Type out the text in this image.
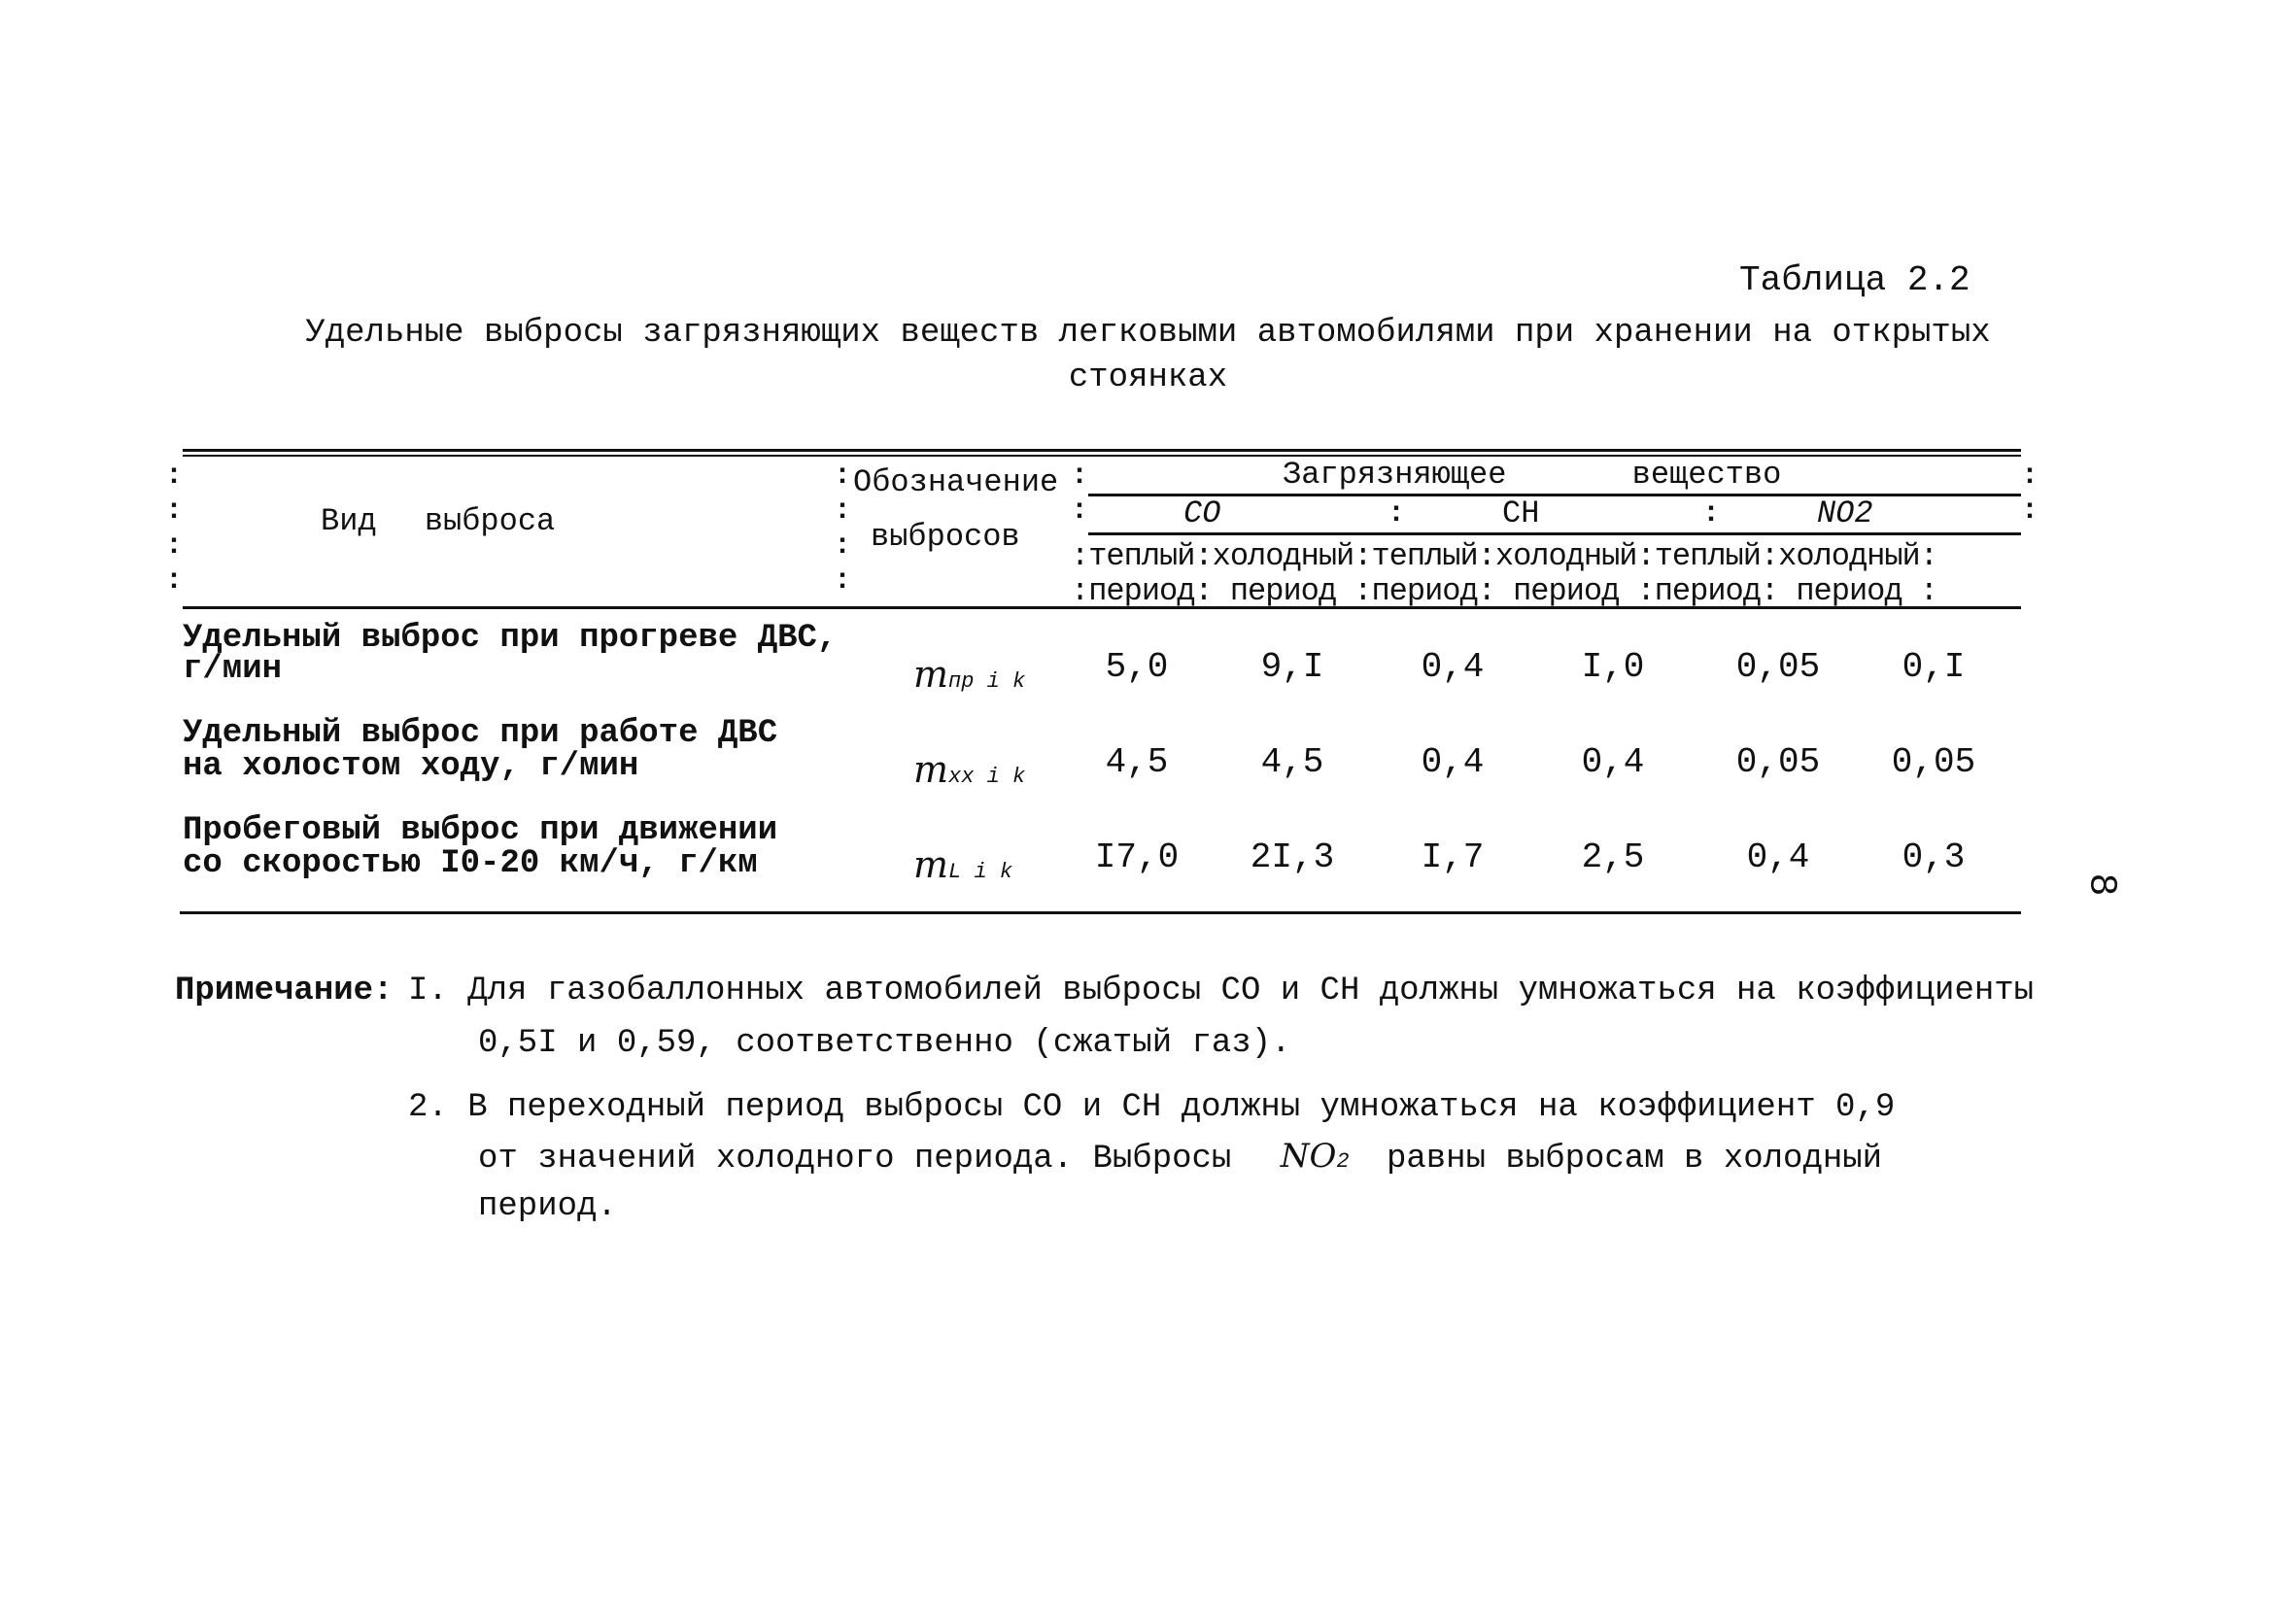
Таблица 2.2
Удельные выбросы загрязняющих веществ легковыми автомобилями при хранении на открытых
стоянках
:
:
:
:
Вид выброса
:
:
:
:
Обозначение
выбросов
:
:
Загрязняющее вещество	:
:
CO	:	CH	:	NO2
:теплый:холодный:теплый:холодный:теплый:холодный:
:период: период :период: период :период: период :
Удельный выброс при прогреве ДВС,
г/мин	mпр i k	5,0	9,I	0,4	I,0	0,05	0,I
Удельный выброс при работе ДВС
на холостом ходу, г/мин	mxx i k	4,5	4,5	0,4	0,4	0,05	0,05
Пробеговый выброс при движении
со скоростью I0-20 км/ч, г/км	mL i k	I7,0	2I,3	I,7	2,5	0,4	0,3
8
Примечание: I. Для газобаллонных автомобилей выбросы CO и CH должны умножаться на коэффициенты
0,5I и 0,59, соответственно (сжатый газ).
2. В переходный период выбросы CO и CH должны умножаться на коэффициент 0,9
от значений холодного периода. Выбросы NO2 равны выбросам в холодный
период.
